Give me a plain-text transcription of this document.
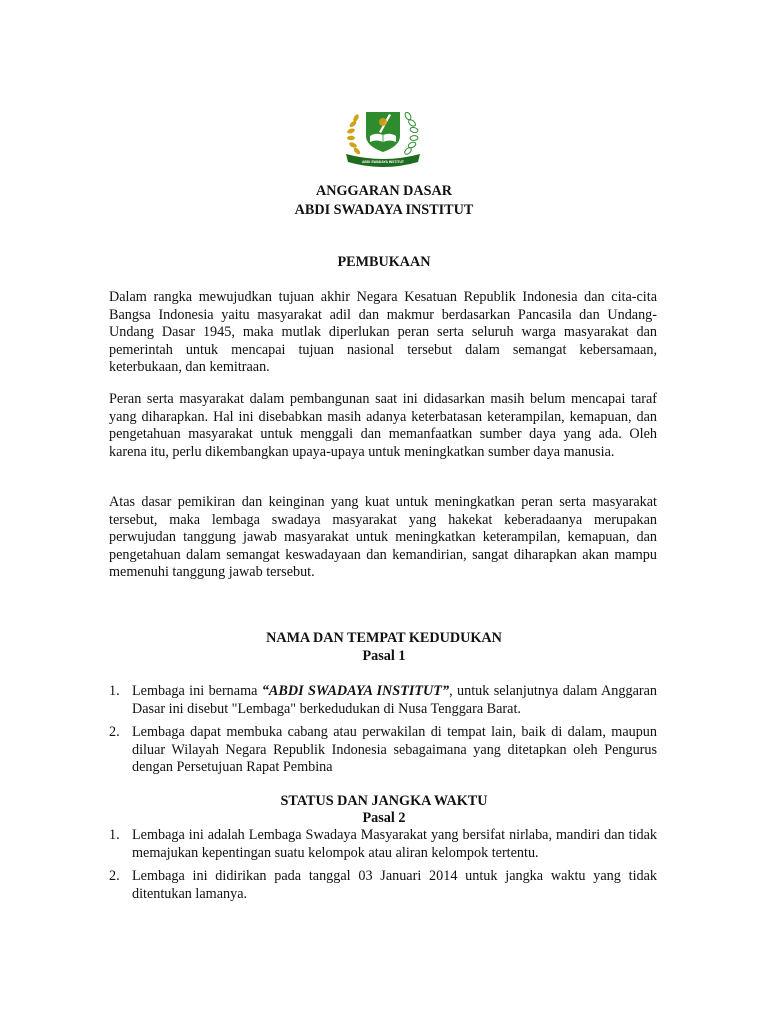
ABDI SWADAYA INSTITUT
ANGGARAN DASAR
ABDI SWADAYA INSTITUT
PEMBUKAAN
Dalam rangka mewujudkan tujuan akhir Negara Kesatuan Republik Indonesia dan cita-cita Bangsa Indonesia yaitu masyarakat adil dan makmur berdasarkan Pancasila dan Undang-Undang Dasar 1945, maka mutlak diperlukan peran serta seluruh warga masyarakat dan pemerintah untuk mencapai tujuan nasional tersebut dalam semangat kebersamaan, keterbukaan, dan kemitraan.
Peran serta masyarakat dalam pembangunan saat ini didasarkan masih belum mencapai taraf yang diharapkan. Hal ini disebabkan masih adanya keterbatasan keterampilan, kemapuan, dan pengetahuan masyarakat untuk menggali dan memanfaatkan sumber daya yang ada. Oleh karena itu, perlu dikembangkan upaya-upaya untuk meningkatkan sumber daya manusia.
Atas dasar pemikiran dan keinginan yang kuat untuk meningkatkan peran serta masyarakat tersebut, maka lembaga swadaya masyarakat yang hakekat keberadaanya merupakan perwujudan tanggung jawab masyarakat untuk meningkatkan keterampilan, kemapuan, dan pengetahuan dalam semangat keswadayaan dan kemandirian, sangat diharapkan akan mampu memenuhi tanggung jawab tersebut.
NAMA DAN TEMPAT KEDUDUKAN
Pasal 1
1. Lembaga ini bernama “ABDI SWADAYA INSTITUT”, untuk selanjutnya dalam Anggaran Dasar ini disebut "Lembaga" berkedudukan di Nusa Tenggara Barat.
2. Lembaga dapat membuka cabang atau perwakilan di tempat lain, baik di dalam, maupun diluar Wilayah Negara Republik Indonesia sebagaimana yang ditetapkan oleh Pengurus dengan Persetujuan Rapat Pembina
STATUS DAN JANGKA WAKTU
Pasal 2
1. Lembaga ini adalah Lembaga Swadaya Masyarakat yang bersifat nirlaba, mandiri dan tidak memajukan kepentingan suatu kelompok atau aliran kelompok tertentu.
2. Lembaga ini didirikan pada tanggal 03 Januari 2014 untuk jangka waktu yang tidak ditentukan lamanya.
